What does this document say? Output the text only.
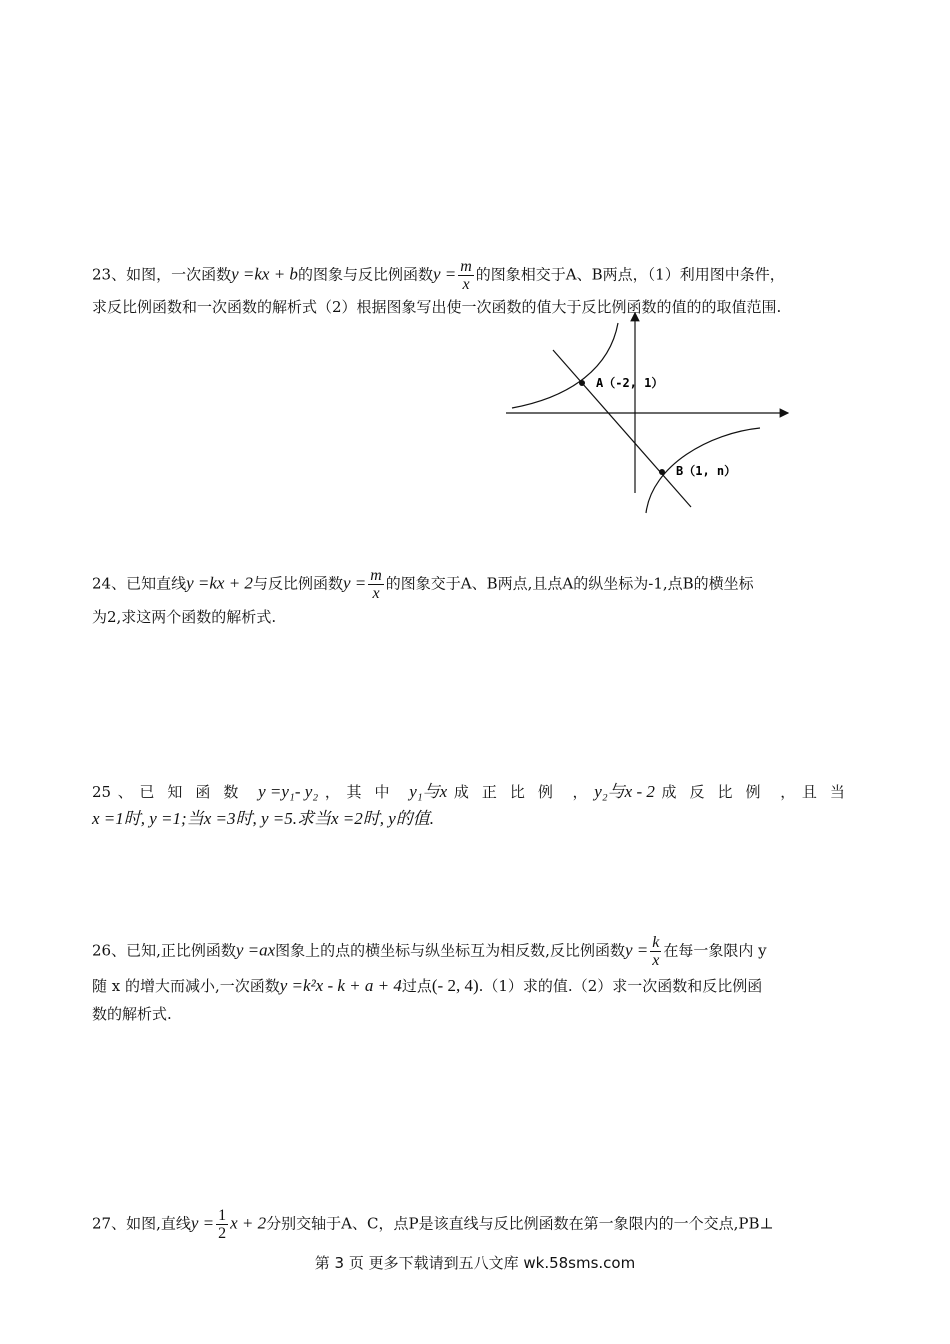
23、如图，一次函数y =kx + b的图象与反比例函数$y = \frac{m}{x}$ 的图象相交于A、B两点，（1）利用图中条件，
求反比例函数和一次函数的解析式（2）根据图象写出使一次函数的值大于反比例函数的值的的取值范围.
A（-2, 1）
B（1, n）
24、已知直线y =kx + 2与反比例函数$y = \frac{m}{x}$ 的图象交于A、B两点,且点A的纵坐标为-1,点B的横坐标
为2,求这两个函数的解析式.
25 、 已知函数 y =y₁- y₂ ， 其中 y₁与x 成正比例 ， y₂与x - 2 成反比例 ， 且当
x =1时, y =1;当x =3时, y =5.求当x =2时, y的值.
26、已知,正比例函数y =ax图象上的点的横坐标与纵坐标互为相反数,反比例函数$y = \frac{k}{x}$ 在每一象限内 y
随 x 的增大而减小,一次函数y =k²x - k + a + 4过点(- 2, 4).（1）求的值.（2）求一次函数和反比例函
数的解析式.
27、如图,直线$y = \frac{1}{2}$ x + 2分别交轴于A、C，点P是该直线与反比例函数在第一象限内的一个交点,PB⊥
第 3 页 更多下载请到五八文库 wk.58sms.com
